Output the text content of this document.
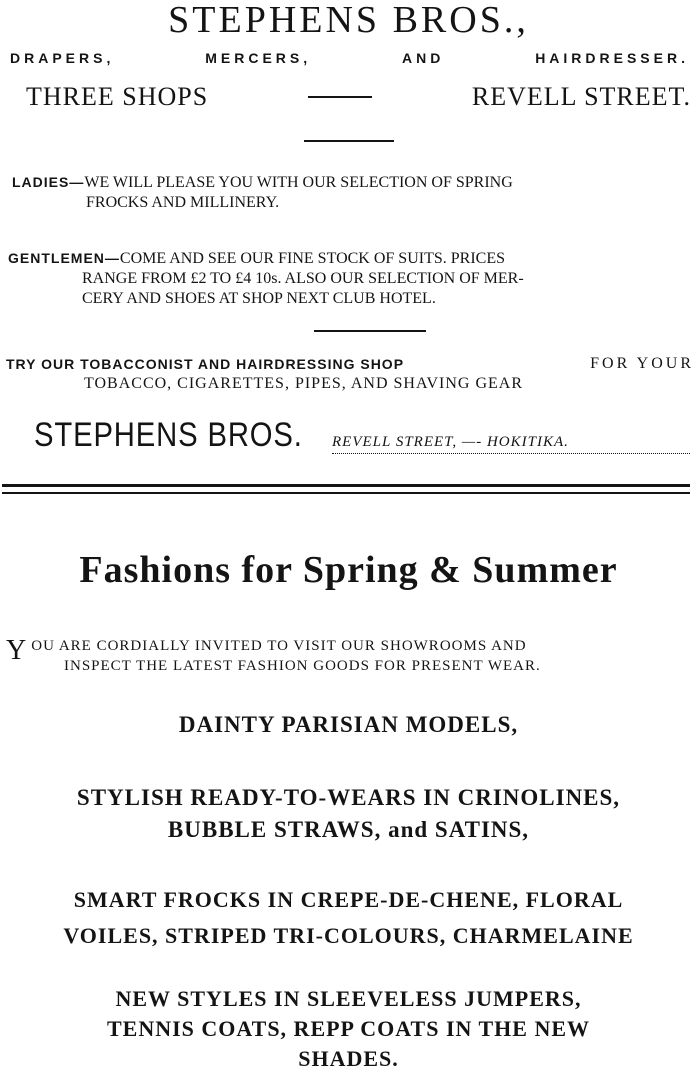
STEPHENS BROS.,
DRAPERS,	MERCERS,	AND	HAIRDRESSER.
THREE SHOPS	REVELL STREET.
LADIES—WE WILL PLEASE YOU WITH OUR SELECTION OF SPRING
FROCKS AND MILLINERY.
GENTLEMEN—COME AND SEE OUR FINE STOCK OF SUITS. PRICES
RANGE FROM £2 TO £4 10s. ALSO OUR SELECTION OF MER-
CERY AND SHOES AT SHOP NEXT CLUB HOTEL.
TRY OUR TOBACCONIST AND HAIRDRESSING SHOP	FOR YOUR
TOBACCO, CIGARETTES, PIPES, AND SHAVING GEAR
STEPHENS BROS. REVELL STREET, —- HOKITIKA.
Fashions for Spring & Summer
Y OU ARE CORDIALLY INVITED TO VISIT OUR SHOWROOMS AND
INSPECT THE LATEST FASHION GOODS FOR PRESENT WEAR.
DAINTY PARISIAN MODELS,
STYLISH READY-TO-WEARS IN CRINOLINES,
BUBBLE STRAWS, and SATINS,
SMART FROCKS IN CREPE-DE-CHENE, FLORAL
VOILES, STRIPED TRI-COLOURS, CHARMELAINE
NEW STYLES IN SLEEVELESS JUMPERS,
TENNIS COATS, REPP COATS IN THE NEW
SHADES.
